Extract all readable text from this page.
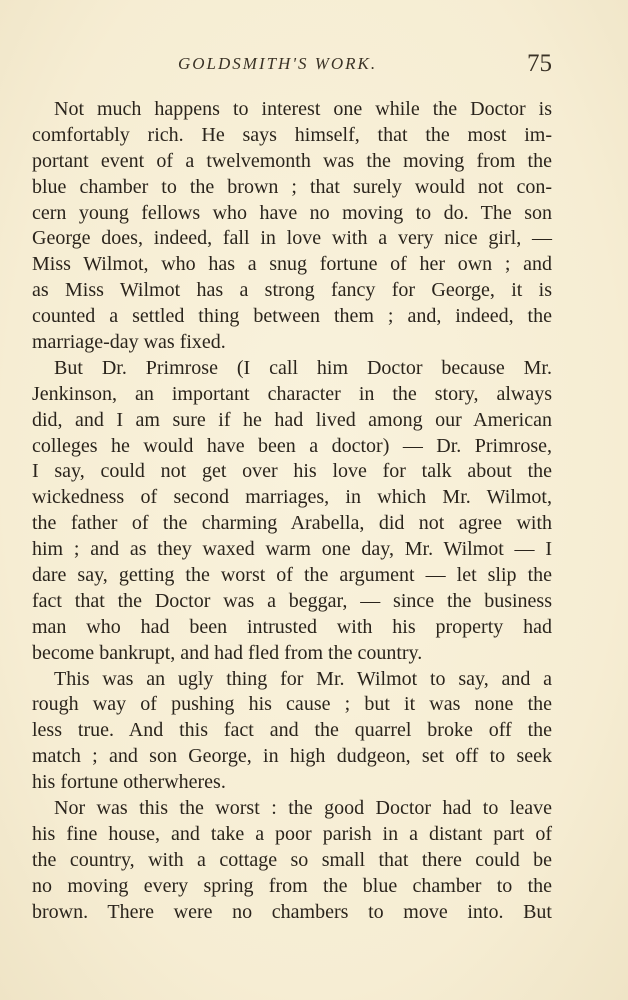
GOLDSMITH'S WORK.	75
Not much happens to interest one while the Doctor is
comfortably rich. He says himself, that the most im-
portant event of a twelvemonth was the moving from the
blue chamber to the brown ; that surely would not con-
cern young fellows who have no moving to do. The son
George does, indeed, fall in love with a very nice girl, —
Miss Wilmot, who has a snug fortune of her own ; and
as Miss Wilmot has a strong fancy for George, it is
counted a settled thing between them ; and, indeed, the
marriage-day was fixed.
But Dr. Primrose (I call him Doctor because Mr.
Jenkinson, an important character in the story, always
did, and I am sure if he had lived among our American
colleges he would have been a doctor) — Dr. Primrose,
I say, could not get over his love for talk about the
wickedness of second marriages, in which Mr. Wilmot,
the father of the charming Arabella, did not agree with
him ; and as they waxed warm one day, Mr. Wilmot — I
dare say, getting the worst of the argument — let slip the
fact that the Doctor was a beggar, — since the business
man who had been intrusted with his property had
become bankrupt, and had fled from the country.
This was an ugly thing for Mr. Wilmot to say, and a
rough way of pushing his cause ; but it was none the
less true. And this fact and the quarrel broke off the
match ; and son George, in high dudgeon, set off to seek
his fortune otherwheres.
Nor was this the worst : the good Doctor had to leave
his fine house, and take a poor parish in a distant part of
the country, with a cottage so small that there could be
no moving every spring from the blue chamber to the
brown. There were no chambers to move into. But
